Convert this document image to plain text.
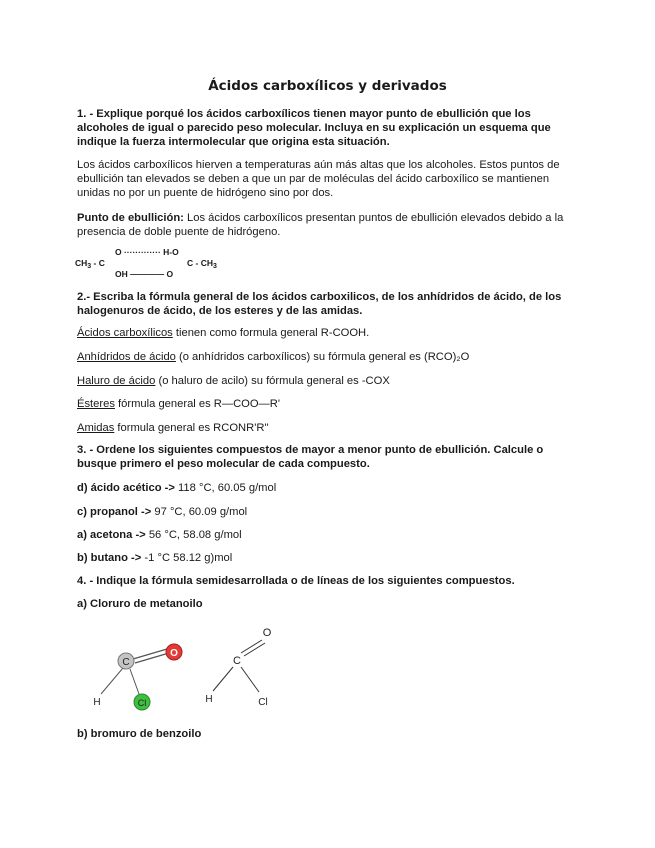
Ácidos carboxílicos y derivados
1. - Explique porqué los ácidos carboxílicos tienen mayor punto de ebullición que los alcoholes de igual o parecido peso molecular. Incluya en su explicación un esquema que indique la fuerza intermolecular que origina esta situación.
Los ácidos carboxílicos hierven a temperaturas aún más altas que los alcoholes. Estos puntos de ebullición tan elevados se deben a que un par de moléculas del ácido carboxílico se mantienen unidas no por un puente de hidrógeno sino por dos.
Punto de ebullición: Los ácidos carboxílicos presentan puntos de ebullición elevados debido a la presencia de doble puente de hidrógeno.
O ············· H-O
$CH_3$ - C	C - $CH_3$
OH ———— O
2.- Escriba la fórmula general de los ácidos carboxilicos, de los anhídridos de ácido, de los halogenuros de ácido, de los esteres y de las amidas.
Ácidos carboxílicos tienen como formula general R-COOH.
Anhídridos de ácido (o anhídridos carboxílicos) su fórmula general es (RCO)₂O
Haluro de ácido (o haluro de acilo) su fórmula general es -COX
Ésteres fórmula general es R—COO—R'
Amidas formula general es RCONR'R''
3. - Ordene los siguientes compuestos de mayor a menor punto de ebullición. Calcule o busque primero el peso molecular de cada compuesto.
d) ácido acético -> 118 °C, 60.05 g/mol
c) propanol -> 97 °C, 60.09 g/mol
a) acetona -> 56 °C, 58.08 g/mol
b) butano -> -1 °C 58.12 g)mol
4. - Indique la fórmula semidesarrollada o de líneas de los siguientes compuestos.
a) Cloruro de metanoilo
C
O
H	Cl
C
O
H	Cl
b) bromuro de benzoilo
